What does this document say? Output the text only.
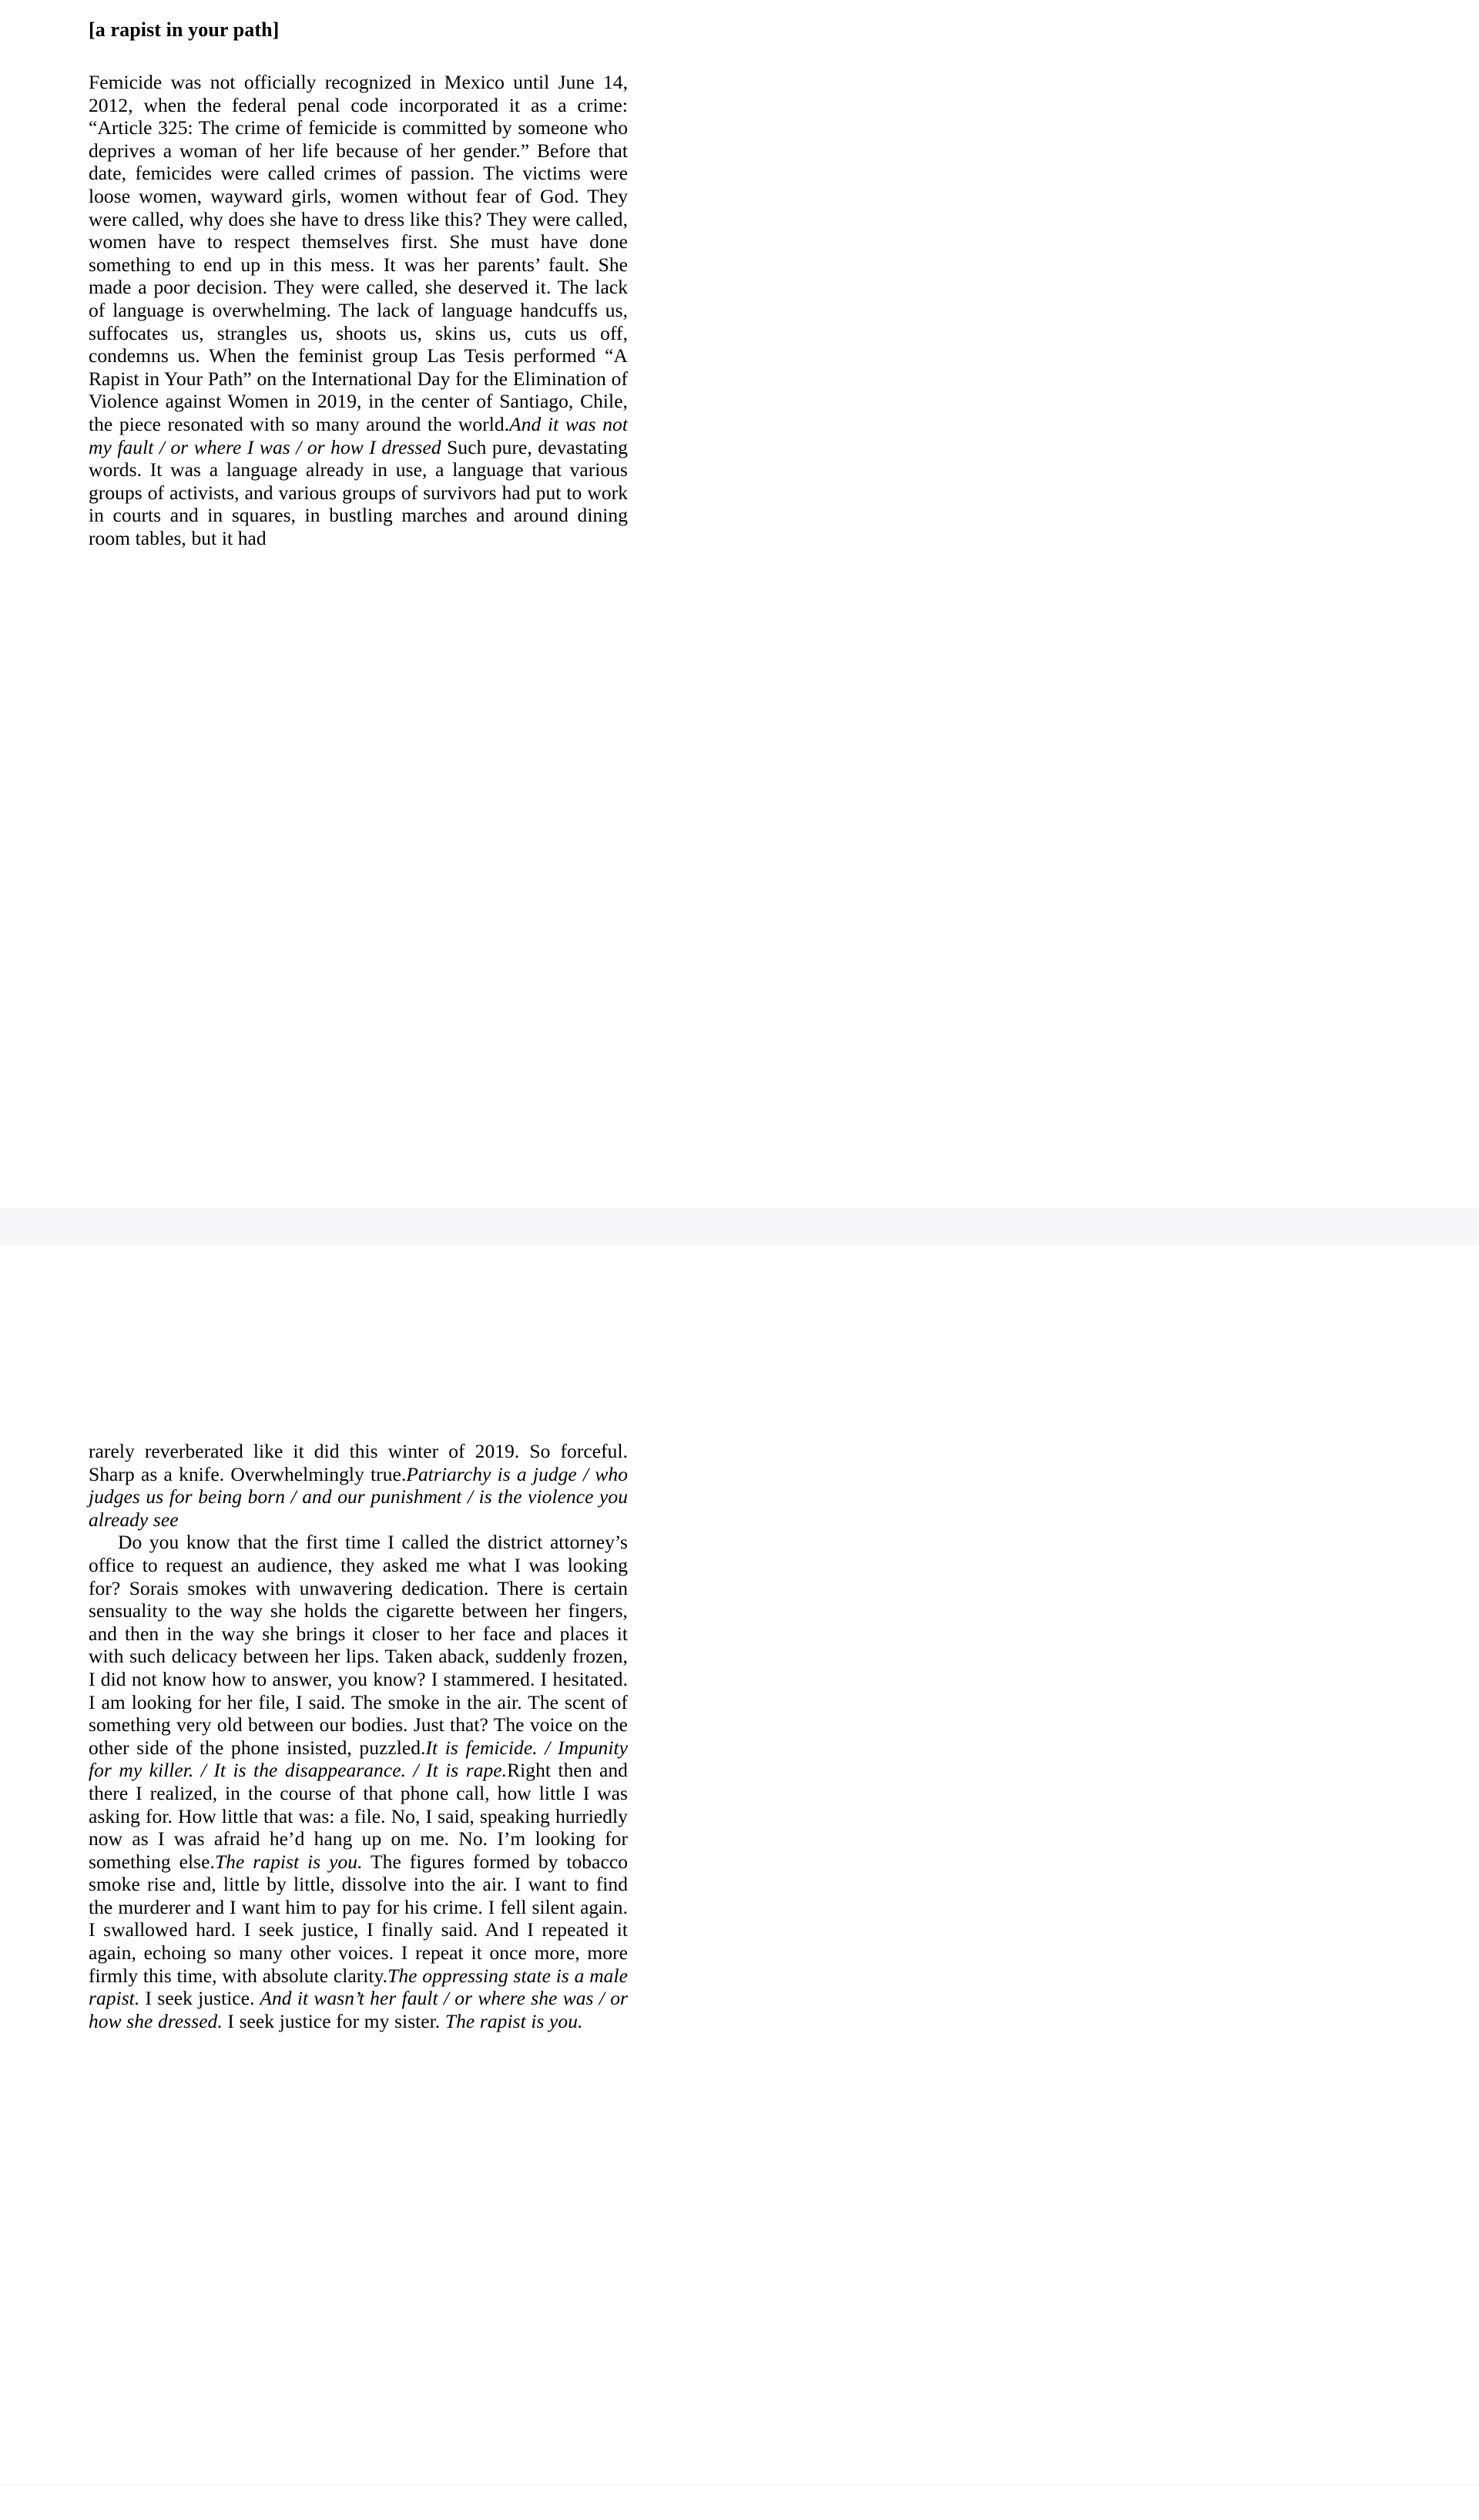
[a rapist in your path]

Femicide was not officially recognized in Mexico until June 14, 2012, when the federal penal code incorporated it as a crime: “Article 325: The crime of femicide is committed by someone who deprives a woman of her life because of her gender.” Before that date, femicides were called crimes of passion. The victims were loose women, wayward girls, women without fear of God. They were called, why does she have to dress like this? They were called, women have to respect themselves first. She must have done something to end up in this mess. It was her parents’ fault. She made a poor decision. They were called, she deserved it. The lack of language is overwhelming. The lack of language handcuffs us, suffocates us, strangles us, shoots us, skins us, cuts us off, condemns us. When the feminist group Las Tesis performed “A Rapist in Your Path” on the International Day for the Elimination of Violence against Women in 2019, in the center of Santiago, Chile, the piece resonated with so many around the world.And it was not my fault / or where I was / or how I dressed Such pure, devastating words. It was a language already in use, a language that various groups of activists, and various groups of survivors had put to work in courts and in squares, in bustling marches and around dining room tables, but it had

rarely reverberated like it did this winter of 2019. So forceful. Sharp as a knife. Overwhelmingly true.Patriarchy is a judge / who judges us for being born / and our punishment / is the violence you already see

Do you know that the first time I called the district attorney’s office to request an audience, they asked me what I was looking for? Sorais smokes with unwavering dedication. There is certain sensuality to the way she holds the cigarette between her fingers, and then in the way she brings it closer to her face and places it with such delicacy between her lips. Taken aback, suddenly frozen, I did not know how to answer, you know? I stammered. I hesitated. I am looking for her file, I said. The smoke in the air. The scent of something very old between our bodies. Just that? The voice on the other side of the phone insisted, puzzled.It is femicide. / Impunity for my killer. / It is the disappearance. / It is rape.Right then and there I realized, in the course of that phone call, how little I was asking for. How little that was: a file. No, I said, speaking hurriedly now as I was afraid he’d hang up on me. No. I’m looking for something else.The rapist is you. The figures formed by tobacco smoke rise and, little by little, dissolve into the air. I want to find the murderer and I want him to pay for his crime. I fell silent again. I swallowed hard. I seek justice, I finally said. And I repeated it again, echoing so many other voices. I repeat it once more, more firmly this time, with absolute clarity.The oppressing state is a male rapist. I seek justice. And it wasn’t her fault / or where she was / or how she dressed. I seek justice for my sister. The rapist is you.
